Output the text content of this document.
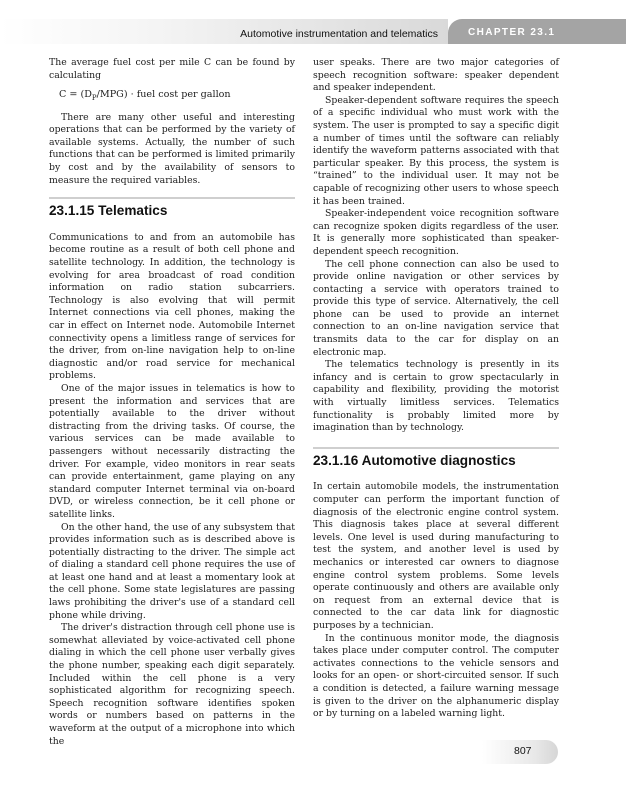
Automotive instrumentation and telematics	CHAPTER 23.1

The average fuel cost per mile C can be found by calculating

$C = (D_P/MPG)$ · fuel cost per gallon

There are many other useful and interesting operations that can be performed by the variety of available systems. Actually, the number of such functions that can be performed is limited primarily by cost and by the availability of sensors to measure the required variables.

23.1.15 Telematics

Communications to and from an automobile has become routine as a result of both cell phone and satellite technology. In addition, the technology is evolving for area broadcast of road condition information on radio station subcarriers. Technology is also evolving that will permit Internet connections via cell phones, making the car in effect on Internet node. Automobile Internet connectivity opens a limitless range of services for the driver, from on-line navigation help to on-line diagnostic and/or road service for mechanical problems.

One of the major issues in telematics is how to present the information and services that are potentially available to the driver without distracting from the driving tasks. Of course, the various services can be made available to passengers without necessarily distracting the driver. For example, video monitors in rear seats can provide entertainment, game playing on any standard computer Internet terminal via on-board DVD, or wireless connection, be it cell phone or satellite links.

On the other hand, the use of any subsystem that provides information such as is described above is potentially distracting to the driver. The simple act of dialing a standard cell phone requires the use of at least one hand and at least a momentary look at the cell phone. Some state legislatures are passing laws prohibiting the driver's use of a standard cell phone while driving.

The driver's distraction through cell phone use is somewhat alleviated by voice-activated cell phone dialing in which the cell phone user verbally gives the phone number, speaking each digit separately. Included within the cell phone is a very sophisticated algorithm for recognizing speech. Speech recognition software identifies spoken words or numbers based on patterns in the waveform at the output of a microphone into which the

user speaks. There are two major categories of speech recognition software: speaker dependent and speaker independent.

Speaker-dependent software requires the speech of a specific individual who must work with the system. The user is prompted to say a specific digit a number of times until the software can reliably identify the waveform patterns associated with that particular speaker. By this process, the system is “trained” to the individual user. It may not be capable of recognizing other users to whose speech it has been trained.

Speaker-independent voice recognition software can recognize spoken digits regardless of the user. It is generally more sophisticated than speaker-dependent speech recognition.

The cell phone connection can also be used to provide online navigation or other services by contacting a service with operators trained to provide this type of service. Alternatively, the cell phone can be used to provide an internet connection to an on-line navigation service that transmits data to the car for display on an electronic map.

The telematics technology is presently in its infancy and is certain to grow spectacularly in capability and flexibility, providing the motorist with virtually limitless services. Telematics functionality is probably limited more by imagination than by technology.

23.1.16 Automotive diagnostics

In certain automobile models, the instrumentation computer can perform the important function of diagnosis of the electronic engine control system. This diagnosis takes place at several different levels. One level is used during manufacturing to test the system, and another level is used by mechanics or interested car owners to diagnose engine control system problems. Some levels operate continuously and others are available only on request from an external device that is connected to the car data link for diagnostic purposes by a technician.

In the continuous monitor mode, the diagnosis takes place under computer control. The computer activates connections to the vehicle sensors and looks for an open- or short-circuited sensor. If such a condition is detected, a failure warning message is given to the driver on the alphanumeric display or by turning on a labeled warning light.

807
